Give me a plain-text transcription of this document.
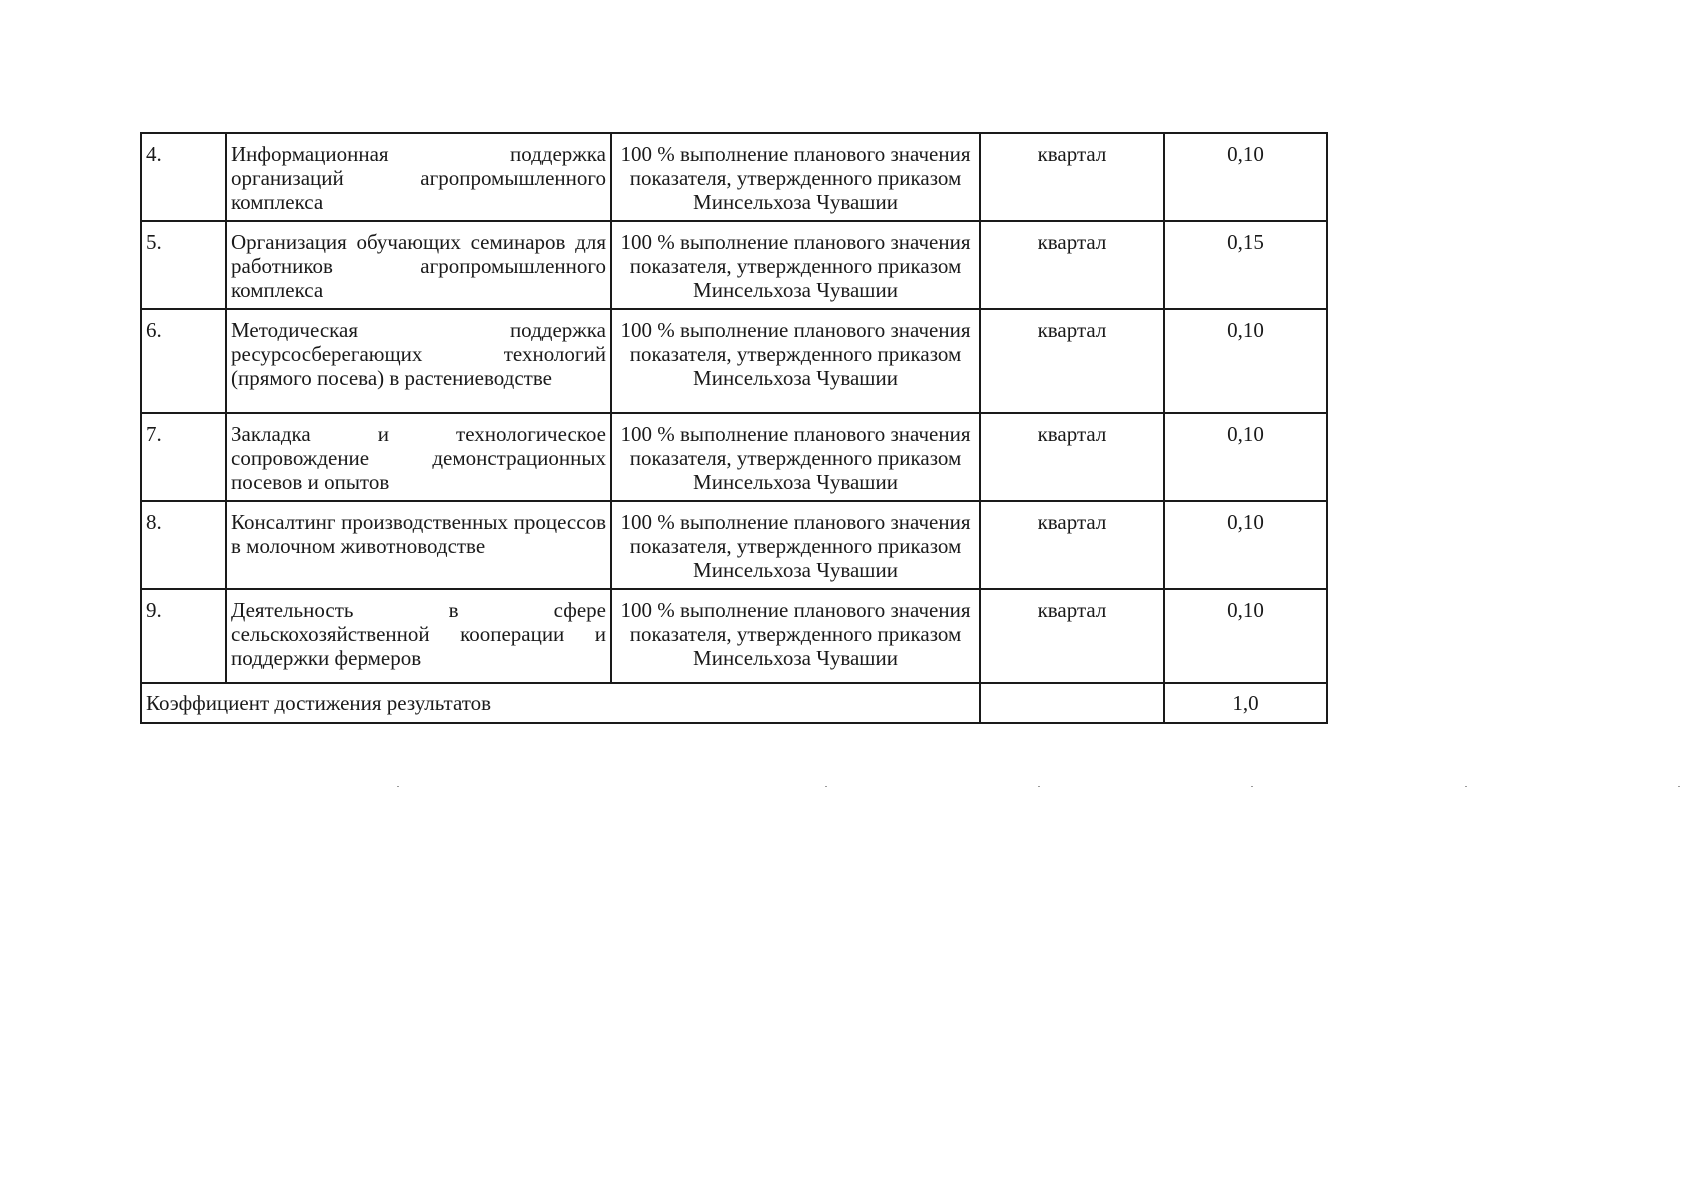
4.	Информационная поддержка организаций агропромышленного комплекса	100 % выполнение планового значения показателя, утвержденного приказом Минсельхоза Чувашии	квартал	0,10

5.	Организация обучающих семинаров для работников агропромышленного комплекса	100 % выполнение планового значения показателя, утвержденного приказом Минсельхоза Чувашии	квартал	0,15

6.	Методическая поддержка ресурсосберегающих технологий (прямого посева) в растениеводстве	100 % выполнение планового значения показателя, утвержденного приказом Минсельхоза Чувашии	квартал	0,10

7.	Закладка и технологическое сопровождение демонстрационных посевов и опытов	100 % выполнение планового значения показателя, утвержденного приказом Минсельхоза Чувашии	квартал	0,10

8.	Консалтинг производственных процессов в молочном животноводстве	100 % выполнение планового значения показателя, утвержденного приказом Минсельхоза Чувашии	квартал	0,10

9.	Деятельность в сфере сельскохозяйственной кооперации и поддержки фермеров	100 % выполнение планового значения показателя, утвержденного приказом Минсельхоза Чувашии	квартал	0,10

Коэффициент достижения результатов				1,0
